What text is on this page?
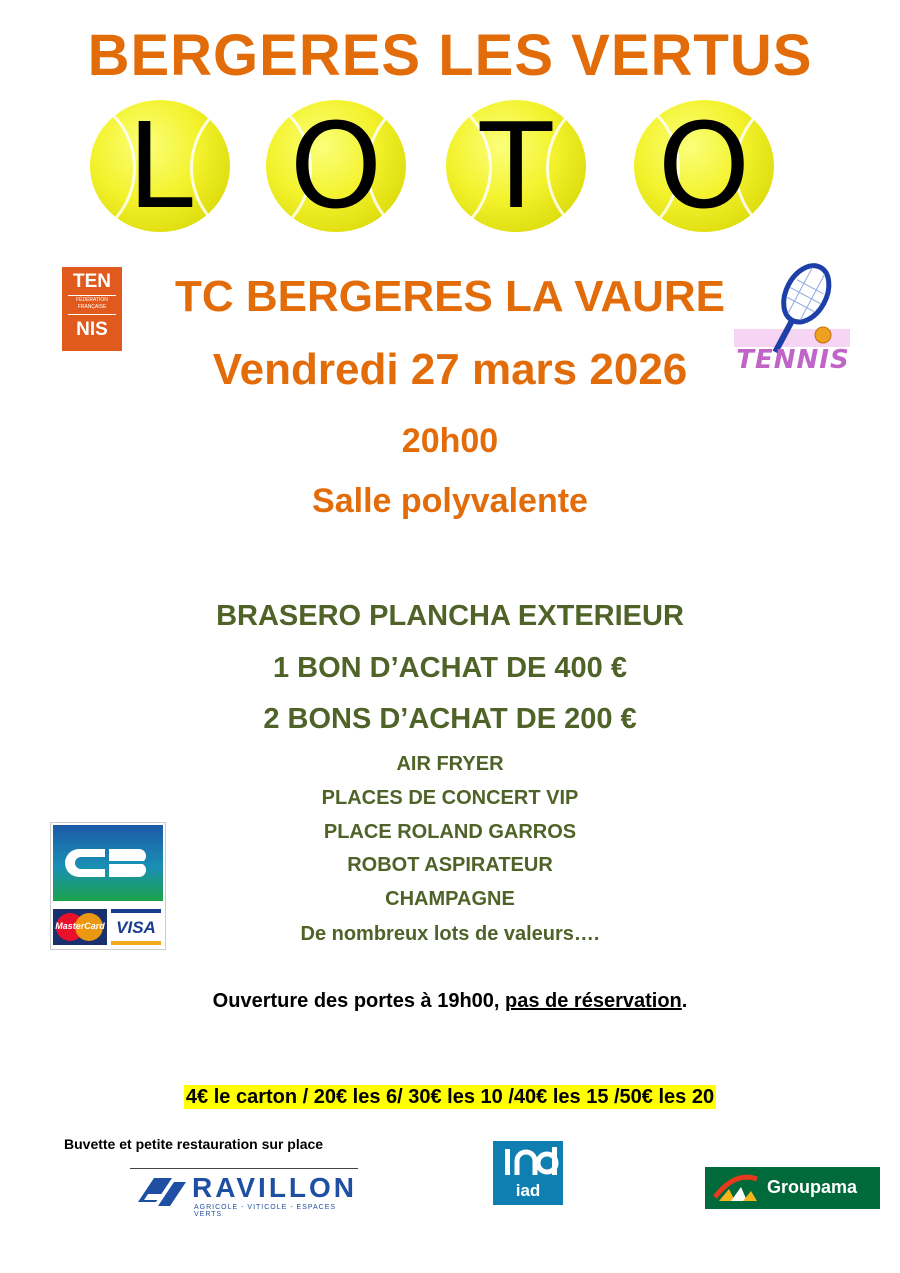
BERGERES LES VERTUS
L O T O
TEN
FÉDÉRATION
FRANÇAISE
NIS
TENNIS
TC BERGERES LA VAURE
Vendredi 27 mars 2026
20h00
Salle polyvalente
BRASERO PLANCHA EXTERIEUR
1 BON D’ACHAT DE 400 €
2 BONS D’ACHAT DE 200 €
AIR FRYER
PLACES DE CONCERT VIP
PLACE ROLAND GARROS
ROBOT ASPIRATEUR
CHAMPAGNE
De nombreux lots de valeurs….
MasterCard VISA
Ouverture des portes à 19h00, pas de réservation.
4€ le carton / 20€ les 6/ 30€ les 10 /40€ les 15 /50€ les 20
Buvette et petite restauration sur place
RAVILLON
AGRICOLE - VITICOLE - ESPACES VERTS
iad	Groupama
